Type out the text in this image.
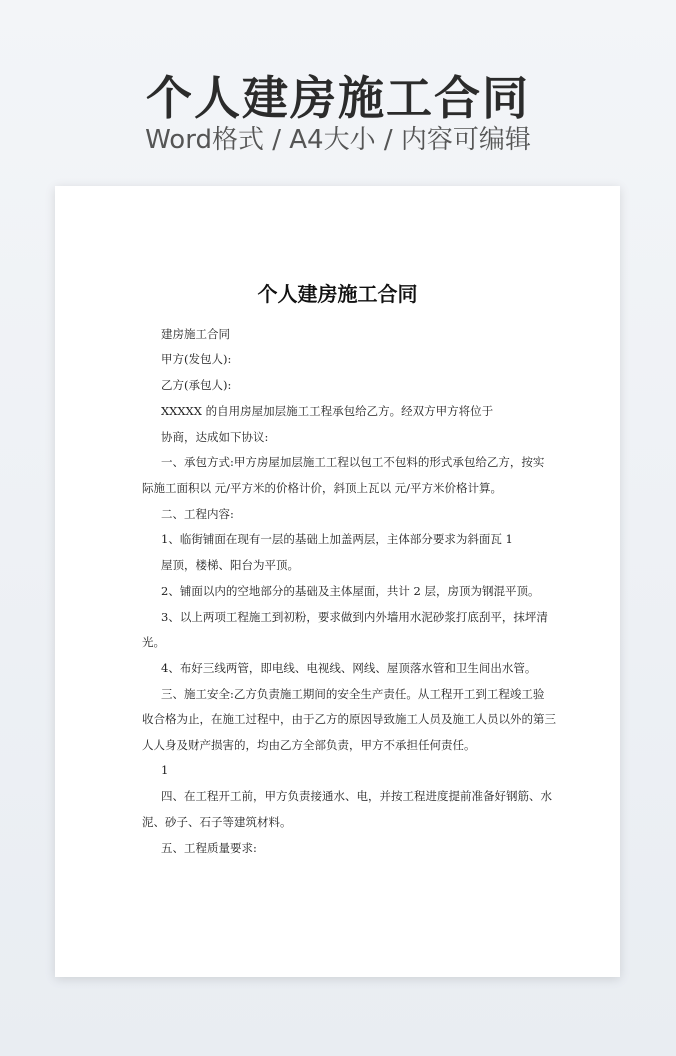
个人建房施工合同
Word格式 / A4大小 / 内容可编辑
个人建房施工合同
建房施工合同
甲方(发包人):
乙方(承包人):
XXXXX 的自用房屋加层施工工程承包给乙方。经双方甲方将位于
协商，达成如下协议:
一、承包方式:甲方房屋加层施工工程以包工不包料的形式承包给乙方，按实
际施工面积以 元/平方米的价格计价，斜顶上瓦以 元/平方米价格计算。
二、工程内容:
1、临街铺面在现有一层的基础上加盖两层，主体部分要求为斜面瓦 1
屋顶，楼梯、阳台为平顶。
2、铺面以内的空地部分的基础及主体屋面，共计 2 层，房顶为钢混平顶。
3、以上两项工程施工到初粉，要求做到内外墙用水泥砂浆打底刮平，抹坪清
光。
4、布好三线两管，即电线、电视线、网线、屋顶落水管和卫生间出水管。
三、施工安全:乙方负责施工期间的安全生产责任。从工程开工到工程竣工验
收合格为止，在施工过程中，由于乙方的原因导致施工人员及施工人员以外的第三
人人身及财产损害的，均由乙方全部负责，甲方不承担任何责任。
1
四、在工程开工前，甲方负责接通水、电，并按工程进度提前准备好钢筋、水
泥、砂子、石子等建筑材料。
五、工程质量要求:
